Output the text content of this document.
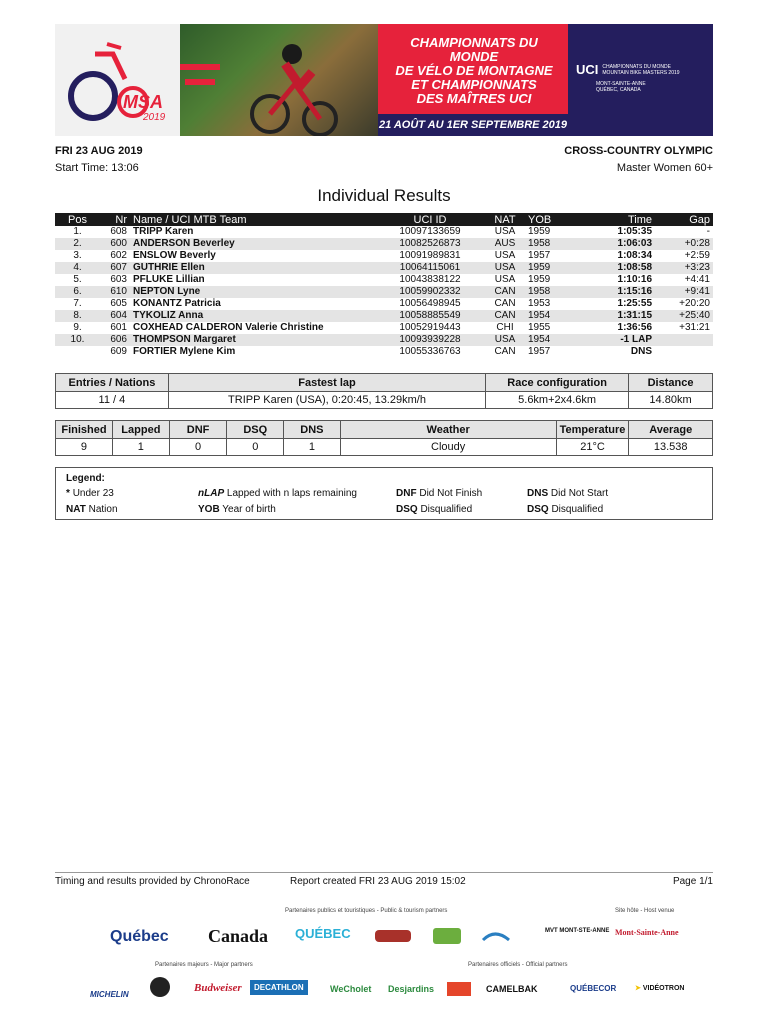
MSA
2019
CHAMPIONNATS DU MONDE
DE VÉLO DE MONTAGNE
ET CHAMPIONNATS
DES MAÎTRES UCI
21 AOÛT AU 1ER SEPTEMBRE 2019
UCI CHAMPIONNATS DU MONDE
MOUNTAIN BIKE MASTERS 2019
MONT-SAINTE-ANNE
QUÉBEC, CANADA
FRI 23 AUG 2019
Start Time: 13:06
CROSS-COUNTRY OLYMPIC
Master Women 60+
Individual Results
Pos	Nr	Name / UCI MTB Team	UCI ID	NAT	YOB	Time	Gap
1.	608	TRIPP Karen	10097133659	USA	1959	1:05:35	-
2.	600	ANDERSON Beverley	10082526873	AUS	1958	1:06:03	+0:28
3.	602	ENSLOW Beverly	10091989831	USA	1957	1:08:34	+2:59
4.	607	GUTHRIE Ellen	10064115061	USA	1959	1:08:58	+3:23
5.	603	PFLUKE Lillian	10043838122	USA	1959	1:10:16	+4:41
6.	610	NEPTON Lyne	10059902332	CAN	1958	1:15:16	+9:41
7.	605	KONANTZ Patricia	10056498945	CAN	1953	1:25:55	+20:20
8.	604	TYKOLIZ Anna	10058885549	CAN	1954	1:31:15	+25:40
9.	601	COXHEAD CALDERON Valerie Christine	10052919443	CHI	1955	1:36:56	+31:21
10.	606	THOMPSON Margaret	10093939228	USA	1954	-1 LAP	
	609	FORTIER Mylene Kim	10055336763	CAN	1957	DNS	
Entries / Nations	Fastest lap	Race configuration	Distance
11 / 4	TRIPP Karen (USA), 0:20:45, 13.29km/h	5.6km+2x4.6km	14.80km
Finished	Lapped	DNF	DSQ	DNS	Weather	Temperature	Average
9	1	0	0	1	Cloudy	21°C	13.538
Legend:
* Under 23	nLAP Lapped with n laps remaining	DNF Did Not Finish	DNS Did Not Start
NAT Nation	YOB Year of birth	DSQ Disqualified	DSQ Disqualified
Timing and results provided by ChronoRace	Report created FRI 23 AUG 2019 15:02	Page 1/1
Partenaires publics et touristiques - Public & tourism partners	Site hôte - Host venue
Québec Canada QUÉBEC	MVT MONT-STE-ANNE Mont-Sainte-Anne
Partenaires majeurs - Major partners	Partenaires officiels - Official partners
MICHELIN
Budweiser	DECATHLON	WeCholet Desjardins	CAMELBAK	QUÉBECOR	➤ VIDÉOTRON
